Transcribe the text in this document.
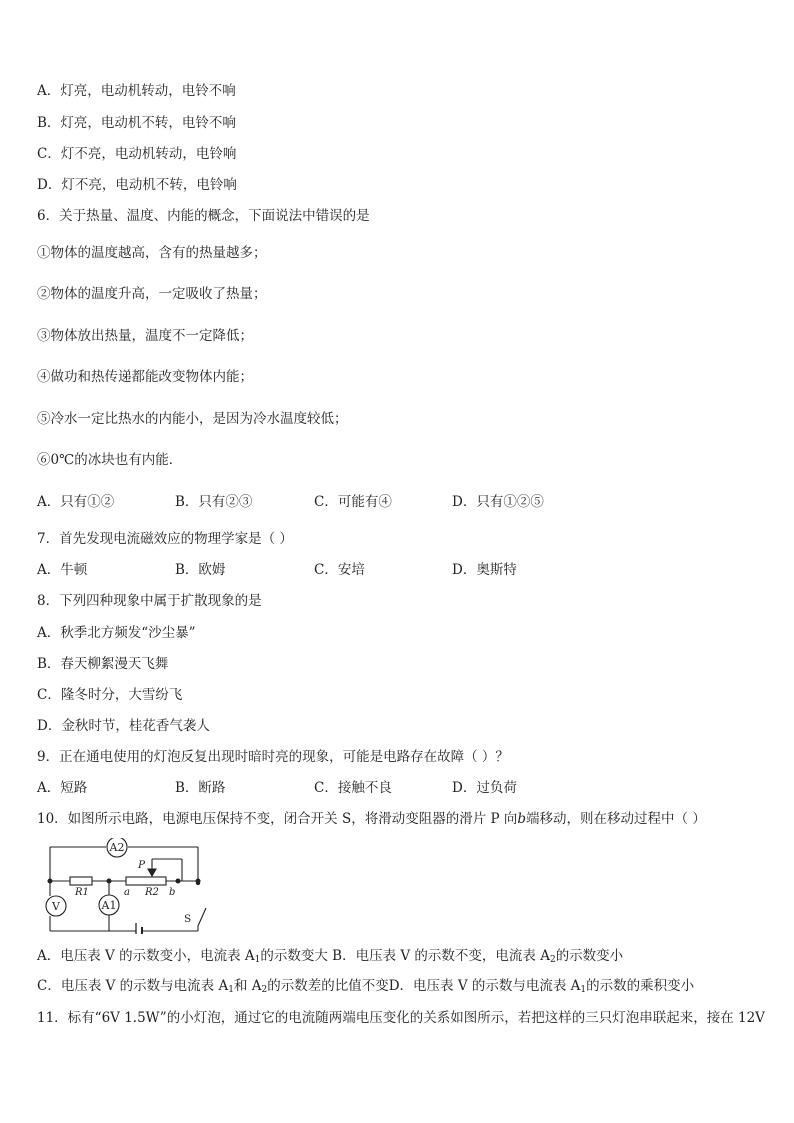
A．灯亮，电动机转动，电铃不响
B．灯亮，电动机不转，电铃不响
C．灯不亮，电动机转动，电铃响
D．灯不亮，电动机不转，电铃响
6．关于热量、温度、内能的概念，下面说法中错误的是
①物体的温度越高，含有的热量越多；
②物体的温度升高，一定吸收了热量；
③物体放出热量，温度不一定降低；
④做功和热传递都能改变物体内能；
⑤冷水一定比热水的内能小，是因为冷水温度较低；
⑥0℃的冰块也有内能．
A．只有①②	B．只有②③	C．可能有④	D．只有①②⑤
7．首先发现电流磁效应的物理学家是（ ）
A．牛顿	B．欧姆	C．安培	D．奥斯特
8．下列四种现象中属于扩散现象的是
A．秋季北方频发“沙尘暴”
B．春天柳絮漫天飞舞
C．隆冬时分，大雪纷飞
D．金秋时节，桂花香气袭人
9．正在通电使用的灯泡反复出现时暗时亮的现象，可能是电路存在故障（ ）？
A．短路	B．断路	C．接触不良	D．过负荷
10．如图所示电路，电源电压保持不变，闭合开关 S，将滑动变阻器的滑片 P 向b端移动，则在移动过程中（ ）
A2
P
R1	R2
a	b
V	A1
S
A．电压表 V 的示数变小，电流表 $A_1$的示数变大 B．电压表 V 的示数不变，电流表 $A_2$的示数变小
C．电压表 V 的示数与电流表 $A_1$和 $A_2$的示数差的比值不变D．电压表 V 的示数与电流表 $A_1$的示数的乘积变小
11．标有“6V 1.5W”的小灯泡，通过它的电流随两端电压变化的关系如图所示，若把这样的三只灯泡串联起来，接在 12V
